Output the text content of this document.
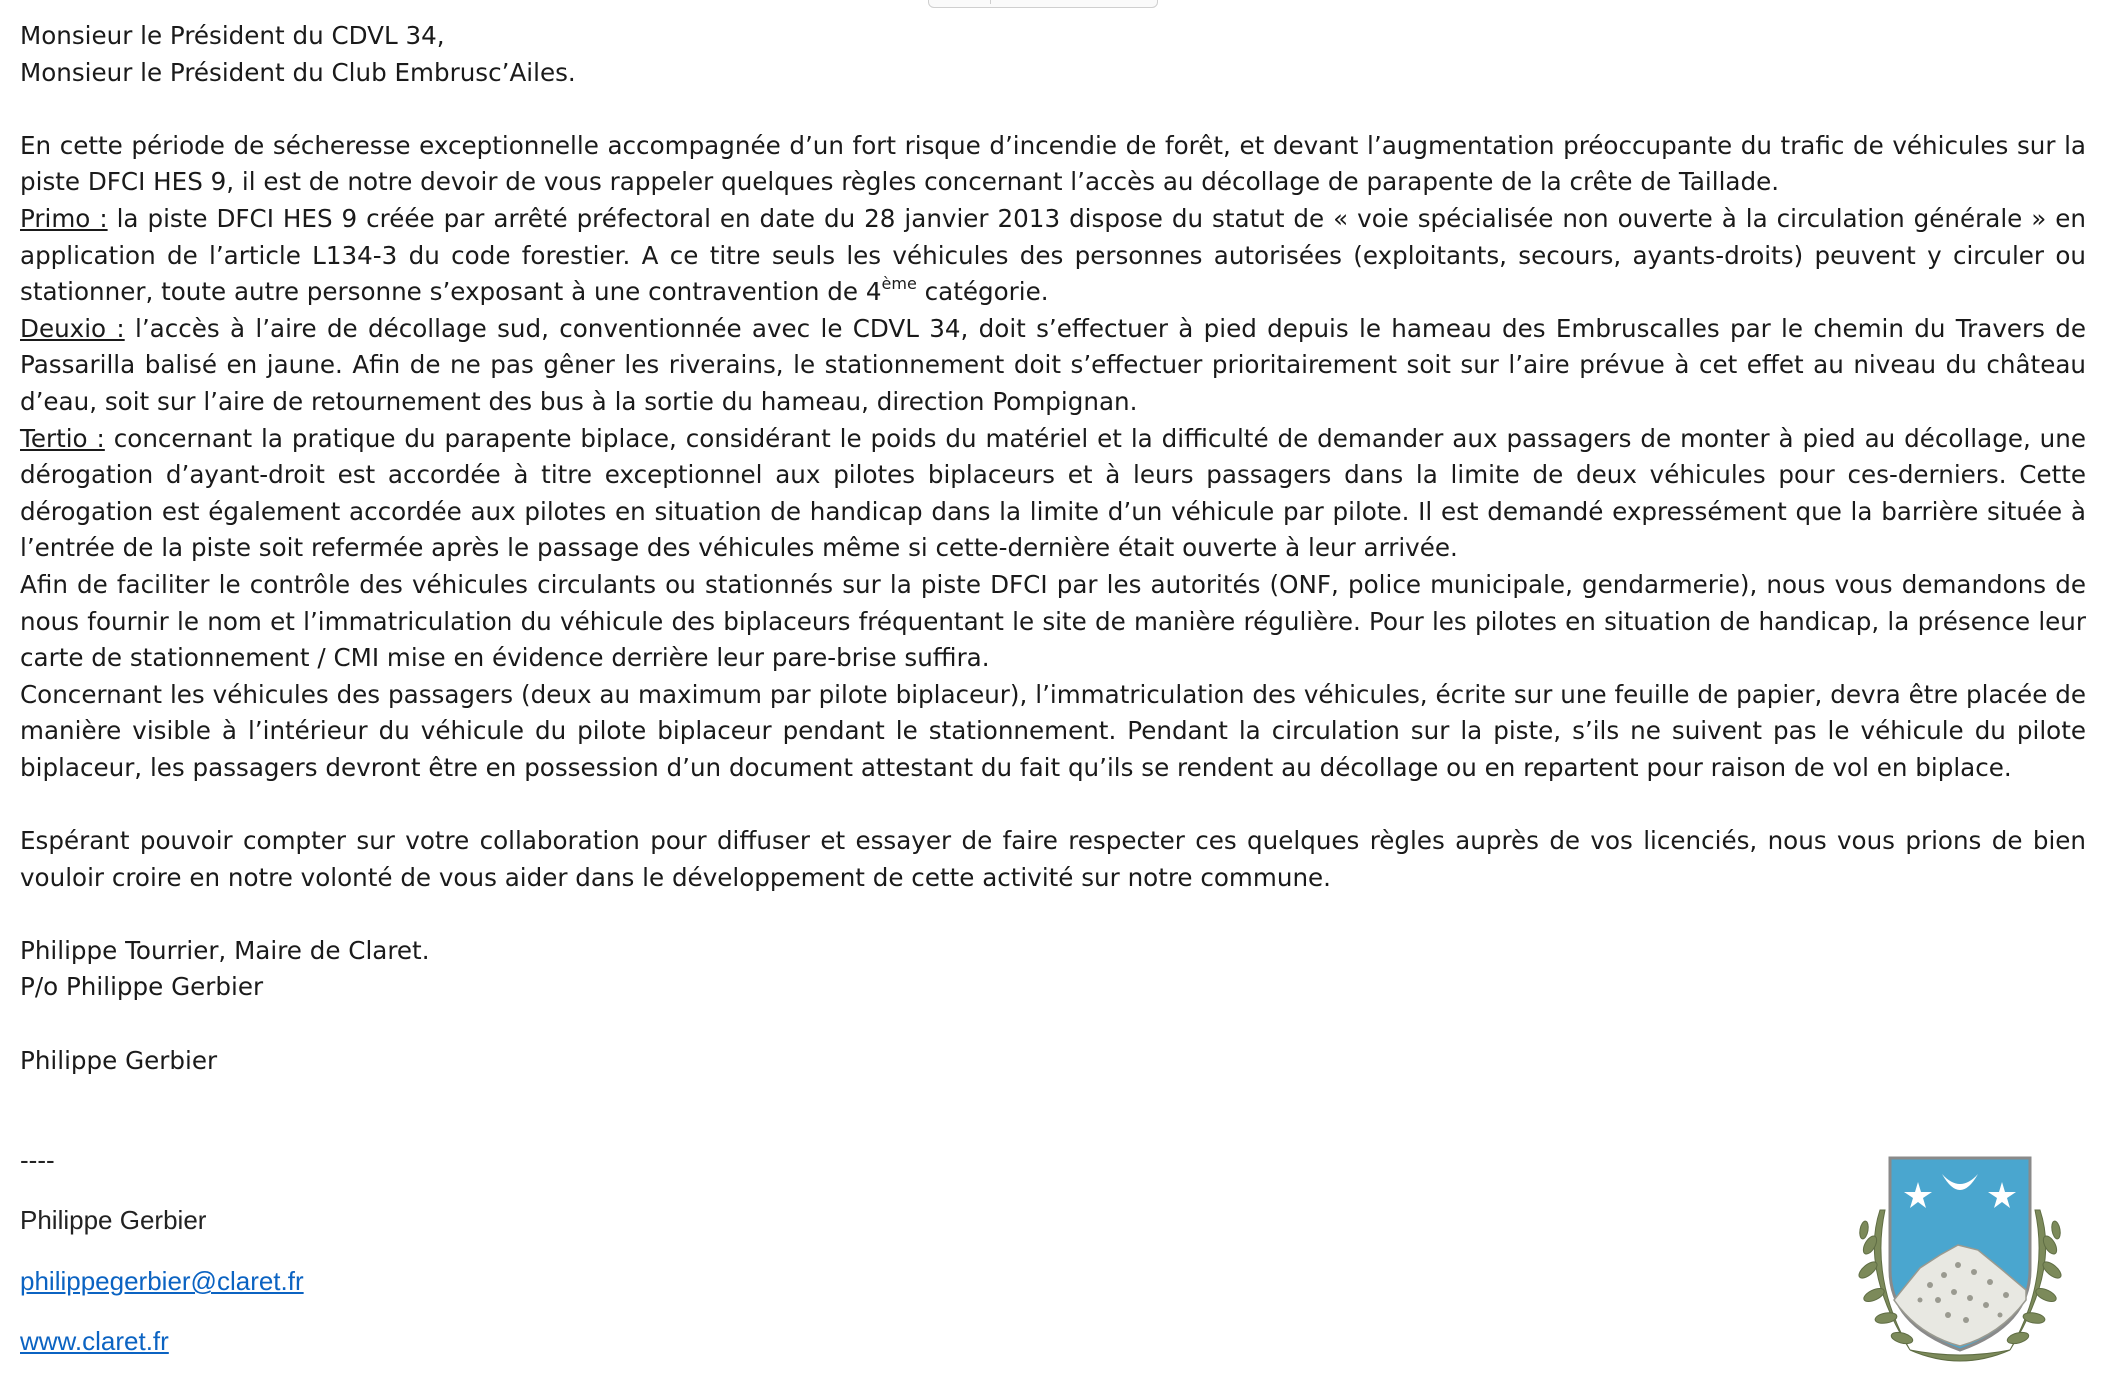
Monsieur le Président du CDVL 34,

Monsieur le Président du Club Embrusc’Ailes.

En cette période de sécheresse exceptionnelle accompagnée d’un fort risque d’incendie de forêt, et devant l’augmentation préoccupante du trafic de véhicules sur la piste DFCI HES 9, il est de notre devoir de vous rappeler quelques règles concernant l’accès au décollage de parapente de la crête de Taillade.

Primo : la piste DFCI HES 9 créée par arrêté préfectoral en date du 28 janvier 2013 dispose du statut de « voie spécialisée non ouverte à la circulation générale » en application de l’article L134-3 du code forestier. A ce titre seuls les véhicules des personnes autorisées (exploitants, secours, ayants-droits) peuvent y circuler ou stationner, toute autre personne s’exposant à une contravention de 4ème catégorie.

Deuxio : l’accès à l’aire de décollage sud, conventionnée avec le CDVL 34, doit s’effectuer à pied depuis le hameau des Embruscalles par le chemin du Travers de Passarilla balisé en jaune. Afin de ne pas gêner les riverains, le stationnement doit s’effectuer prioritairement soit sur l’aire prévue à cet effet au niveau du château d’eau, soit sur l’aire de retournement des bus à la sortie du hameau, direction Pompignan.

Tertio : concernant la pratique du parapente biplace, considérant le poids du matériel et la difficulté de demander aux passagers de monter à pied au décollage, une dérogation d’ayant-droit est accordée à titre exceptionnel aux pilotes biplaceurs et à leurs passagers dans la limite de deux véhicules pour ces-derniers. Cette dérogation est également accordée aux pilotes en situation de handicap dans la limite d’un véhicule par pilote. Il est demandé expressément que la barrière située à l’entrée de la piste soit refermée après le passage des véhicules même si cette-dernière était ouverte à leur arrivée.

Afin de faciliter le contrôle des véhicules circulants ou stationnés sur la piste DFCI par les autorités (ONF, police municipale, gendarmerie), nous vous demandons de nous fournir le nom et l’immatriculation du véhicule des biplaceurs fréquentant le site de manière régulière. Pour les pilotes en situation de handicap, la présence leur carte de stationnement / CMI mise en évidence derrière leur pare-brise suffira.

Concernant les véhicules des passagers (deux au maximum par pilote biplaceur), l’immatriculation des véhicules, écrite sur une feuille de papier, devra être placée de manière visible à l’intérieur du véhicule du pilote biplaceur pendant le stationnement. Pendant la circulation sur la piste, s’ils ne suivent pas le véhicule du pilote biplaceur, les passagers devront être en possession d’un document attestant du fait qu’ils se rendent au décollage ou en repartent pour raison de vol en biplace.

Espérant pouvoir compter sur votre collaboration pour diffuser et essayer de faire respecter ces quelques règles auprès de vos licenciés, nous vous prions de bien vouloir croire en notre volonté de vous aider dans le développement de cette activité sur notre commune.

Philippe Tourrier, Maire de Claret.

P/o Philippe Gerbier

Philippe Gerbier

----
Philippe Gerbier
philippegerbier@claret.fr
www.claret.fr
